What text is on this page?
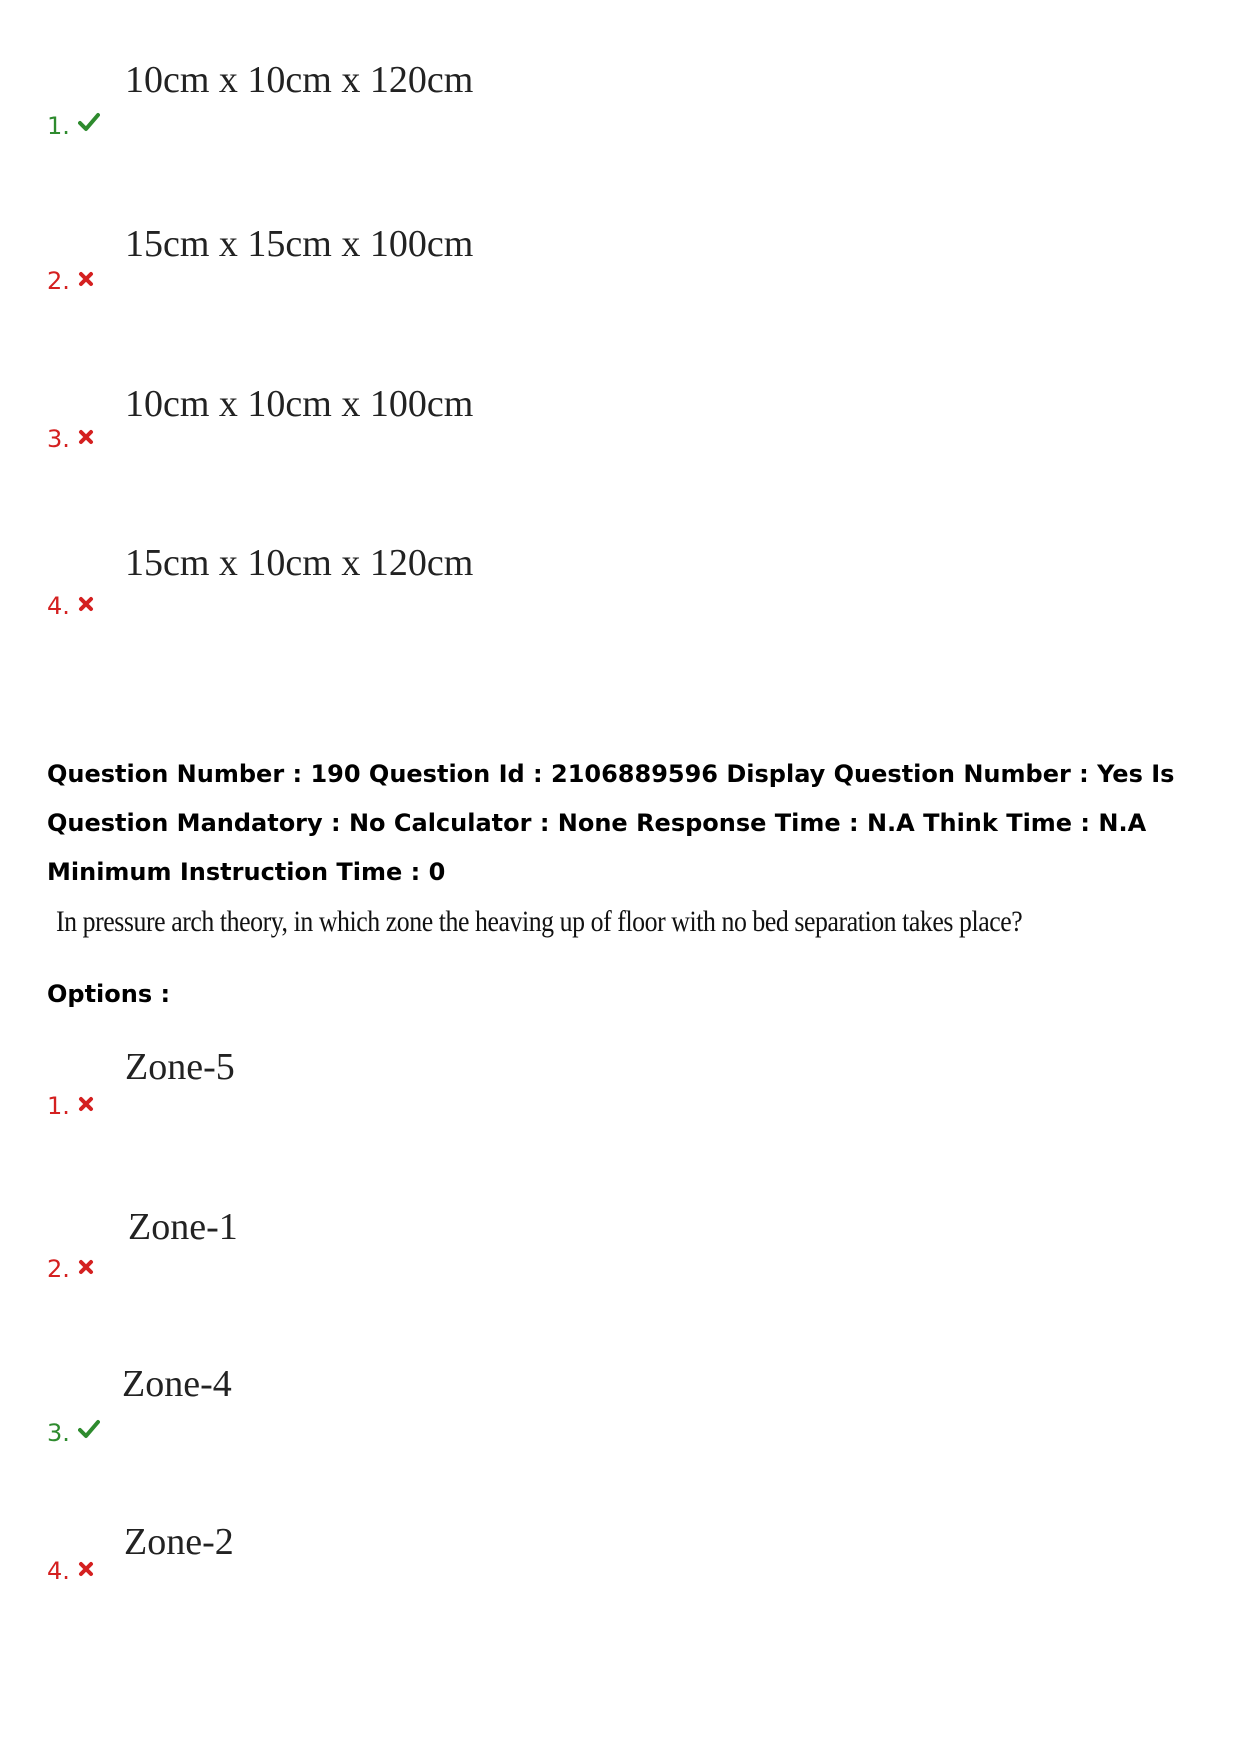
1.
10cm x 10cm x 120cm
2.
15cm x 15cm x 100cm
3.
10cm x 10cm x 100cm
4.
15cm x 10cm x 120cm
Question Number : 190 Question Id : 2106889596 Display Question Number : Yes Is Question Mandatory : No Calculator : None Response Time : N.A Think Time : N.A Minimum Instruction Time : 0
In pressure arch theory, in which zone the heaving up of floor with no bed separation takes place?
Options :
1.
Zone-5
2.
Zone-1
3.
Zone-4
4.
Zone-2
